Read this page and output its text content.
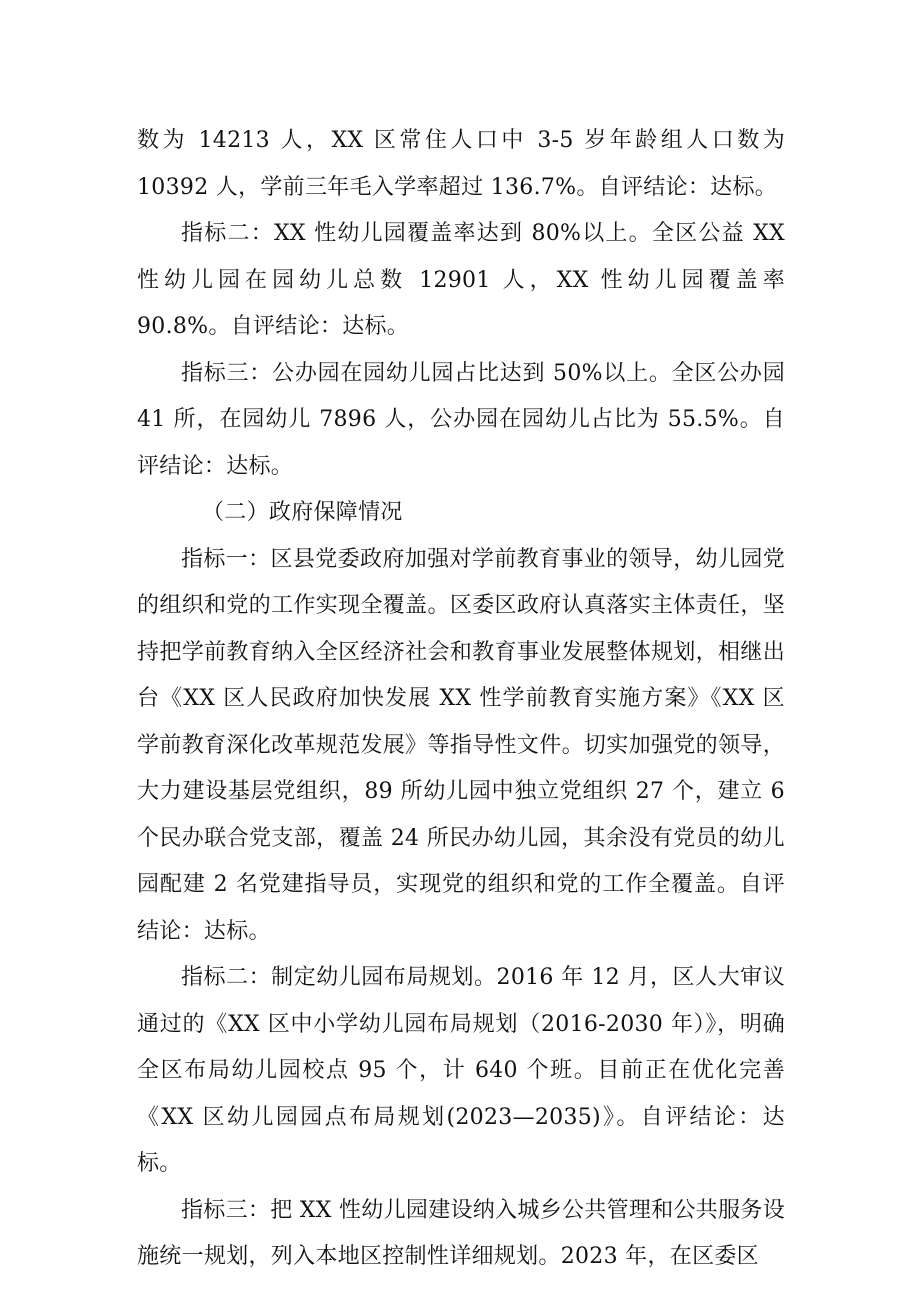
数为 14213 人，XX 区常住人口中 3-5 岁年龄组人口数为 10392 人，学前三年毛入学率超过 136.7%。自评结论：达标。

指标二：XX 性幼儿园覆盖率达到 80%以上。全区公益 XX 性幼儿园在园幼儿总数 12901 人，XX 性幼儿园覆盖率 90.8%。自评结论：达标。

指标三：公办园在园幼儿园占比达到 50%以上。全区公办园 41 所，在园幼儿 7896 人，公办园在园幼儿占比为 55.5%。自评结论：达标。

（二）政府保障情况

指标一：区县党委政府加强对学前教育事业的领导，幼儿园党的组织和党的工作实现全覆盖。区委区政府认真落实主体责任，坚持把学前教育纳入全区经济社会和教育事业发展整体规划，相继出台《XX 区人民政府加快发展 XX 性学前教育实施方案》《XX 区学前教育深化改革规范发展》等指导性文件。切实加强党的领导，大力建设基层党组织，89 所幼儿园中独立党组织 27 个，建立 6 个民办联合党支部，覆盖 24 所民办幼儿园，其余没有党员的幼儿园配建 2 名党建指导员，实现党的组织和党的工作全覆盖。自评结论：达标。

指标二：制定幼儿园布局规划。2016 年 12 月，区人大审议通过的《XX 区中小学幼儿园布局规划（2016-2030 年）》，明确全区布局幼儿园校点 95 个，计 640 个班。目前正在优化完善《XX 区幼儿园园点布局规划(2023—2035)》。自评结论：达标。

指标三：把 XX 性幼儿园建设纳入城乡公共管理和公共服务设施统一规划，列入本地区控制性详细规划。2023 年，在区委区
